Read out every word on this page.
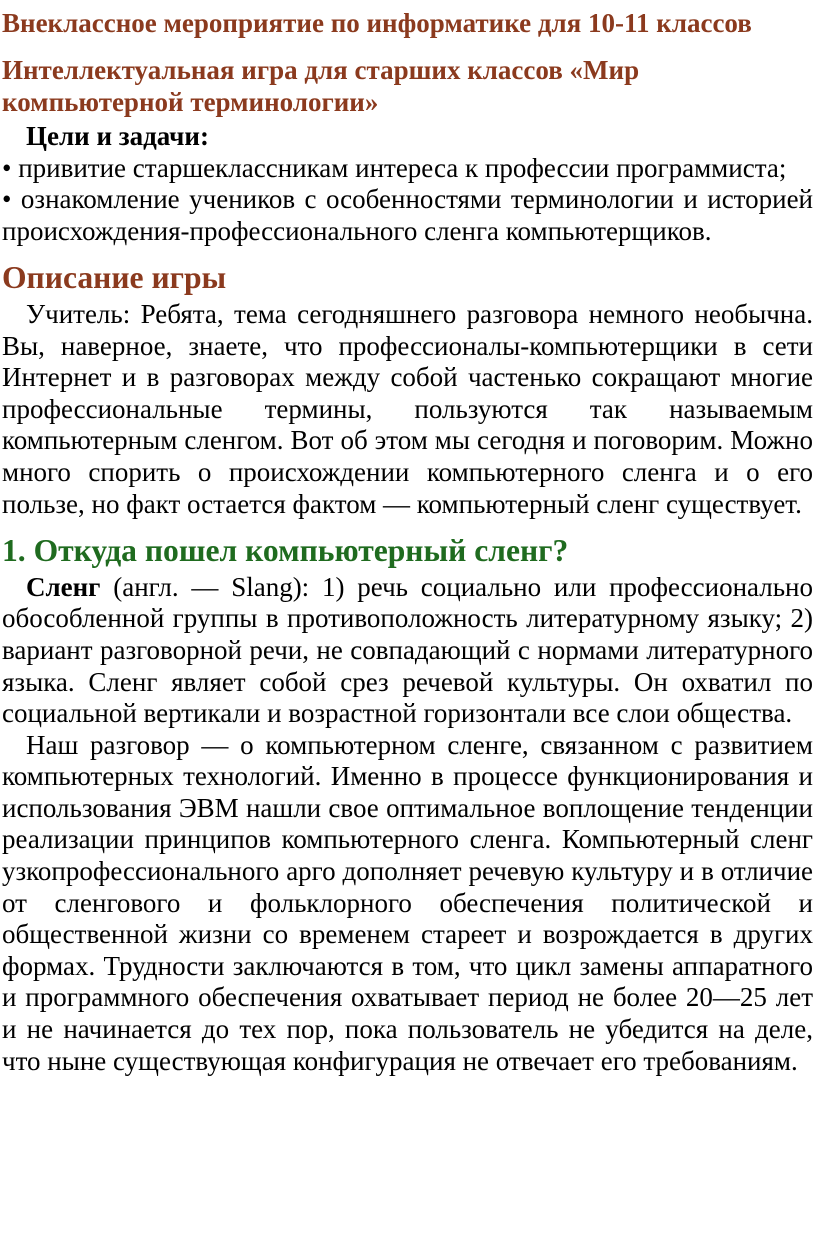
Внеклассное мероприятие по информатике для 10-11 классов
Интеллектуальная игра для старших классов «Мир компьютерной терминологии»

Цели и задачи:

• привитие старшеклассникам интереса к профессии программиста;

• ознакомление учеников с особенностями терминологии и историей происхождения-профессионального сленга компьютерщиков.

Описание игры

Учитель: Ребята, тема сегодняшнего разговора немного необычна. Вы, наверное, знаете, что профессионалы-компьютерщики в сети Интернет и в разговорах между собой частенько сокращают многие профессиональные термины, пользуются так называемым компьютерным сленгом. Вот об этом мы сегодня и поговорим. Можно много спорить о происхождении компьютерного сленга и о его пользе, но факт остается фактом — компьютерный сленг существует.

1. Откуда пошел компьютерный сленг?

Сленг (англ. — Slang): 1) речь социально или профессионально обособленной группы в противоположность литературному языку; 2) вариант разговорной речи, не совпадающий с нормами литературного языка. Сленг являет собой срез речевой культуры. Он охватил по социальной вертикали и возрастной горизонтали все слои общества.

Наш разговор — о компьютерном сленге, связанном с развитием компьютерных технологий. Именно в процессе функционирования и использования ЭВМ нашли свое оптимальное воплощение тенденции реализации принципов компьютерного сленга. Компьютерный сленг узкопрофессионального арго дополняет речевую культуру и в отличие от сленгового и фольклорного обеспечения политической и общественной жизни со временем стареет и возрождается в других формах. Трудности заключаются в том, что цикл замены аппаратного и программного обеспечения охватывает период не более 20—25 лет и не начинается до тех пор, пока пользователь не убедится на деле, что ныне существующая конфигурация не отвечает его требованиям.
